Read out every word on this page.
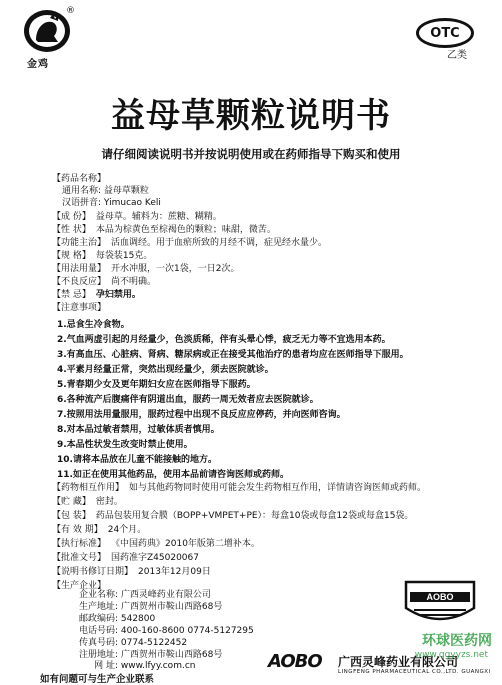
®
金鸡
OTC
乙类
益母草颗粒说明书
请仔细阅读说明书并按说明使用或在药师指导下购买和使用
【药品名称】
通用名称: 益母草颗粒
汉语拼音: Yimucao Keli
【成 份】 益母草。辅料为：蔗糖、糊精。
【性 状】 本品为棕黄色至棕褐色的颗粒；味甜，微苦。
【功能主治】 活血调经。用于血瘀所致的月经不调，症见经水量少。
【规 格】 每袋装15克。
【用法用量】 开水冲服，一次1袋，一日2次。
【不良反应】 尚不明确。
【禁 忌】 孕妇禁用。
【注意事项】
1.忌食生冷食物。
2.气血两虚引起的月经量少，色淡质稀，伴有头晕心悸，疲乏无力等不宜选用本药。
3.有高血压、心脏病、肾病、糖尿病或正在接受其他治疗的患者均应在医师指导下服用。
4.平素月经量正常，突然出现经量少，须去医院就诊。
5.青春期少女及更年期妇女应在医师指导下服药。
6.各种流产后腹痛伴有阴道出血，服药一周无效者应去医院就诊。
7.按照用法用量服用，服药过程中出现不良反应应停药，并向医师咨询。
8.对本品过敏者禁用，过敏体质者慎用。
9.本品性状发生改变时禁止使用。
10.请将本品放在儿童不能接触的地方。
11.如正在使用其他药品，使用本品前请咨询医师或药师。
【药物相互作用】 如与其他药物同时使用可能会发生药物相互作用，详情请咨询医师或药师。
【贮 藏】 密封。
【包 装】 药品包装用复合膜（BOPP+VMPET+PE）：每盒10袋或每盒12袋或每盒15袋。
【有 效 期】 24个月。
【执行标准】 《中国药典》2010年版第二增补本。
【批准文号】 国药准字Z45020067
【说明书修订日期】 2013年12月09日
【生产企业】
企业名称: 广西灵峰药业有限公司
生产地址: 广西贺州市鞍山西路68号
邮政编码: 542800
电话号码: 400-160-8600 0774-5127295
传真号码: 0774-5122452
注册地址: 广西贺州市鞍山西路68号
网 址: www.lfyy.com.cn
AOBO
AOBO 广西灵峰药业有限公司
LINGFENG PHARMACEUTICAL CO.,LTD. GUANGXI
环球医药网
www.qgyyzs.net
如有问题可与生产企业联系
